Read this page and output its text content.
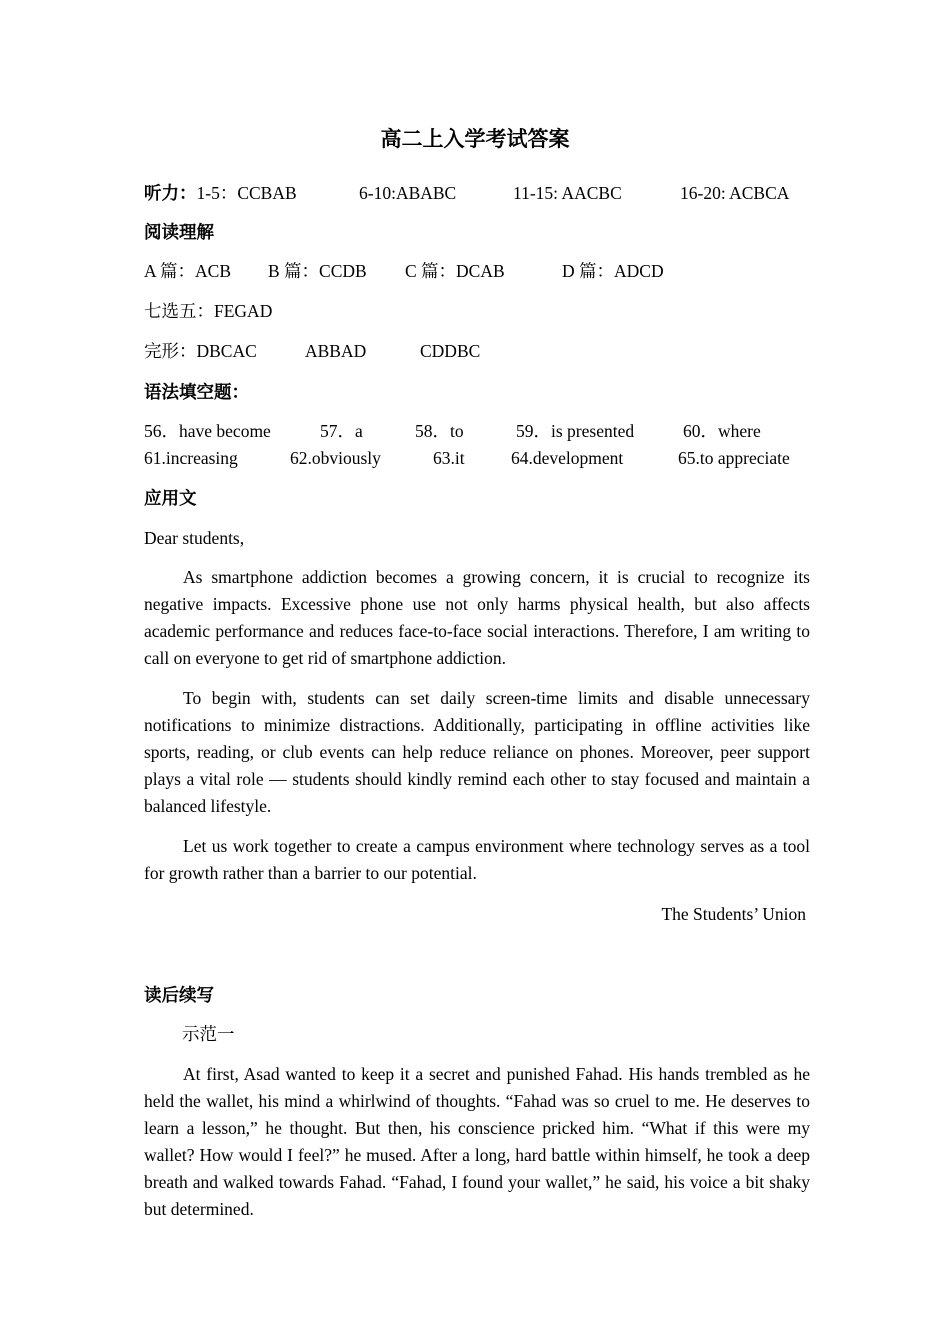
高二上入学考试答案
听力：1-5：CCBAB	6-10:ABABC	11-15: AACBC	16-20: ACBCA
阅读理解
A 篇：ACB B 篇：CCDB C 篇：DCAB	D 篇：ADCD
七选五：FEGAD
完形：DBCAC	ABBAD	CDDBC
语法填空题：
56．have become	57．a	58．to	59．is presented	60．where
61.increasing	62.obviously	63.it	64.development	65.to appreciate
应用文
Dear students,
As smartphone addiction becomes a growing concern, it is crucial to recognize its negative impacts. Excessive phone use not only harms physical health, but also affects academic performance and reduces face-to-face social interactions. Therefore, I am writing to call on everyone to get rid of smartphone addiction.
To begin with, students can set daily screen-time limits and disable unnecessary notifications to minimize distractions. Additionally, participating in offline activities like sports, reading, or club events can help reduce reliance on phones. Moreover, peer support plays a vital role — students should kindly remind each other to stay focused and maintain a balanced lifestyle.
Let us work together to create a campus environment where technology serves as a tool for growth rather than a barrier to our potential.
The Students’ Union
读后续写
示范一
At first, Asad wanted to keep it a secret and punished Fahad. His hands trembled as he held the wallet, his mind a whirlwind of thoughts. “Fahad was so cruel to me. He deserves to learn a lesson,” he thought. But then, his conscience pricked him. “What if this were my wallet? How would I feel?” he mused. After a long, hard battle within himself, he took a deep breath and walked towards Fahad. “Fahad, I found your wallet,” he said, his voice a bit shaky but determined.
